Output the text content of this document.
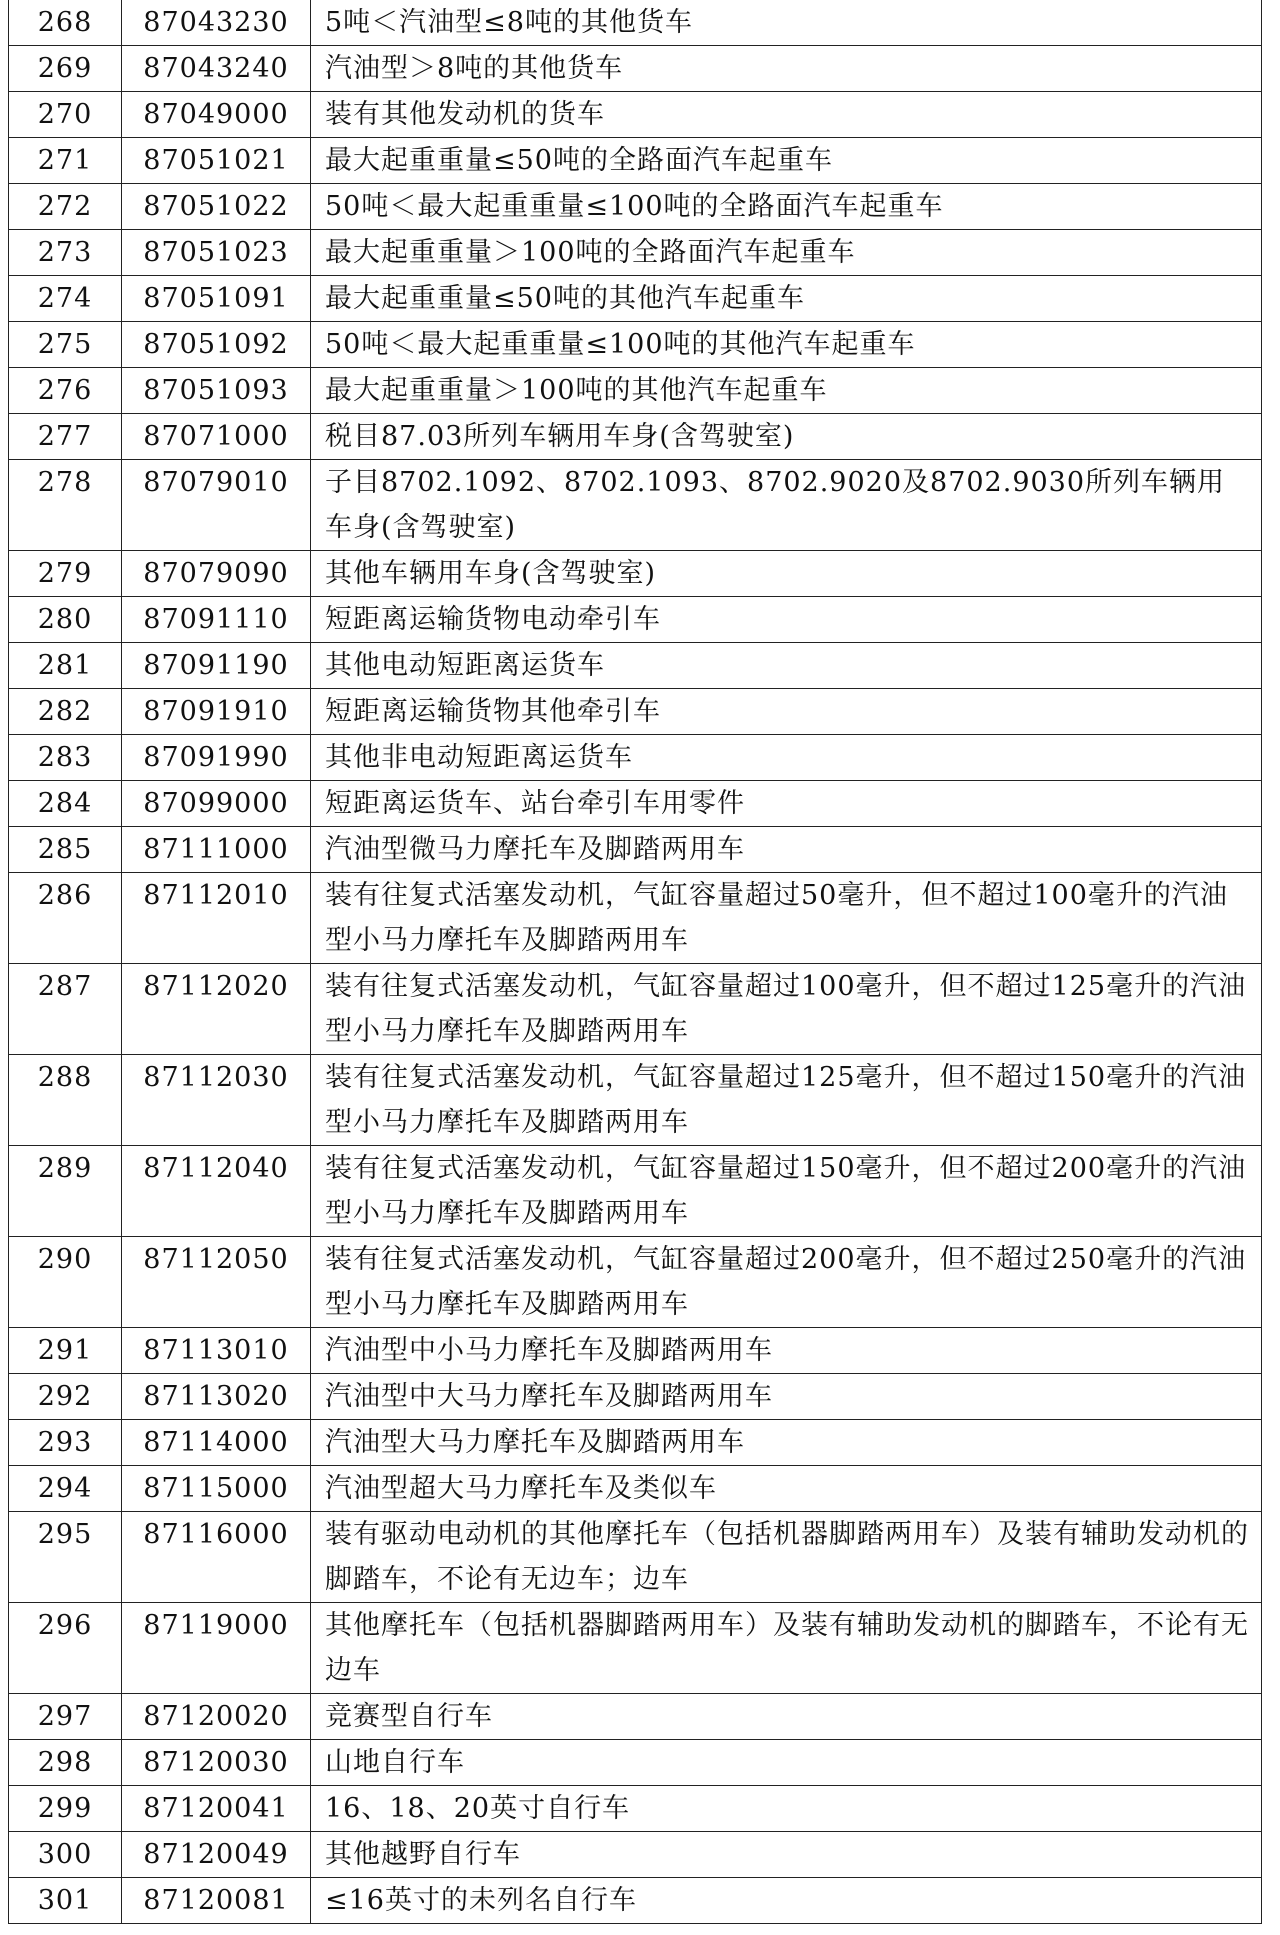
268	87043230	5吨＜汽油型≤8吨的其他货车

269	87043240	汽油型＞8吨的其他货车

270	87049000	装有其他发动机的货车

271	87051021	最大起重重量≤50吨的全路面汽车起重车

272	87051022	50吨＜最大起重重量≤100吨的全路面汽车起重车

273	87051023	最大起重重量＞100吨的全路面汽车起重车

274	87051091	最大起重重量≤50吨的其他汽车起重车

275	87051092	50吨＜最大起重重量≤100吨的其他汽车起重车

276	87051093	最大起重重量＞100吨的其他汽车起重车

277	87071000	税目87.03所列车辆用车身(含驾驶室)

278	87079010	子目8702.1092、8702.1093、8702.9020及8702.9030所列车辆用车身(含驾驶室)

279	87079090	其他车辆用车身(含驾驶室)

280	87091110	短距离运输货物电动牵引车

281	87091190	其他电动短距离运货车

282	87091910	短距离运输货物其他牵引车

283	87091990	其他非电动短距离运货车

284	87099000	短距离运货车、站台牵引车用零件

285	87111000	汽油型微马力摩托车及脚踏两用车

286	87112010	装有往复式活塞发动机，气缸容量超过50毫升，但不超过100毫升的汽油型小马力摩托车及脚踏两用车

287	87112020	装有往复式活塞发动机，气缸容量超过100毫升，但不超过125毫升的汽油型小马力摩托车及脚踏两用车

288	87112030	装有往复式活塞发动机，气缸容量超过125毫升，但不超过150毫升的汽油型小马力摩托车及脚踏两用车

289	87112040	装有往复式活塞发动机，气缸容量超过150毫升，但不超过200毫升的汽油型小马力摩托车及脚踏两用车

290	87112050	装有往复式活塞发动机，气缸容量超过200毫升，但不超过250毫升的汽油型小马力摩托车及脚踏两用车

291	87113010	汽油型中小马力摩托车及脚踏两用车

292	87113020	汽油型中大马力摩托车及脚踏两用车

293	87114000	汽油型大马力摩托车及脚踏两用车

294	87115000	汽油型超大马力摩托车及类似车

295	87116000	装有驱动电动机的其他摩托车（包括机器脚踏两用车）及装有辅助发动机的脚踏车，不论有无边车；边车

296	87119000	其他摩托车（包括机器脚踏两用车）及装有辅助发动机的脚踏车，不论有无边车

297	87120020	竞赛型自行车

298	87120030	山地自行车

299	87120041	16、18、20英寸自行车

300	87120049	其他越野自行车

301	87120081	≤16英寸的未列名自行车
